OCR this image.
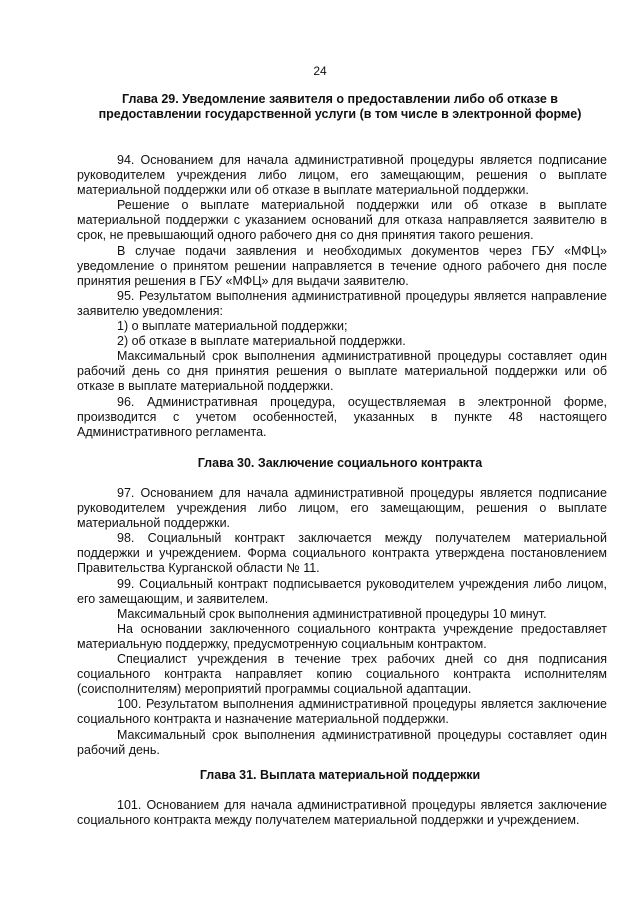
24
Глава 29. Уведомление заявителя о предоставлении либо об отказе в предоставлении государственной услуги (в том числе в электронной форме)

94. Основанием для начала административной процедуры является подписание руководителем учреждения либо лицом, его замещающим, решения о выплате материальной поддержки или об отказе в выплате материальной поддержки.

Решение о выплате материальной поддержки или об отказе в выплате материальной поддержки с указанием оснований для отказа направляется заявителю в срок, не превышающий одного рабочего дня со дня принятия такого решения.

В случае подачи заявления и необходимых документов через ГБУ «МФЦ» уведомление о принятом решении направляется в течение одного рабочего дня после принятия решения в ГБУ «МФЦ» для выдачи заявителю.

95. Результатом выполнения административной процедуры является направление заявителю уведомления:

1) о выплате материальной поддержки;

2) об отказе в выплате материальной поддержки.

Максимальный срок выполнения административной процедуры составляет один рабочий день со дня принятия решения о выплате материальной поддержки или об отказе в выплате материальной поддержки.

96. Административная процедура, осуществляемая в электронной форме, производится с учетом особенностей, указанных в пункте 48 настоящего Административного регламента.

Глава 30. Заключение социального контракта

97. Основанием для начала административной процедуры является подписание руководителем учреждения либо лицом, его замещающим, решения о выплате материальной поддержки.

98. Социальный контракт заключается между получателем материальной поддержки и учреждением. Форма социального контракта утверждена постановлением Правительства Курганской области № 11.

99. Социальный контракт подписывается руководителем учреждения либо лицом, его замещающим, и заявителем.

Максимальный срок выполнения административной процедуры 10 минут.

На основании заключенного социального контракта учреждение предоставляет материальную поддержку, предусмотренную социальным контрактом.

Специалист учреждения в течение трех рабочих дней со дня подписания социального контракта направляет копию социального контракта исполнителям (соисполнителям) мероприятий программы социальной адаптации.

100. Результатом выполнения административной процедуры является заключение социального контракта и назначение материальной поддержки.

Максимальный срок выполнения административной процедуры составляет один рабочий день.

Глава 31. Выплата материальной поддержки

101. Основанием для начала административной процедуры является заключение социального контракта между получателем материальной поддержки и учреждением.
